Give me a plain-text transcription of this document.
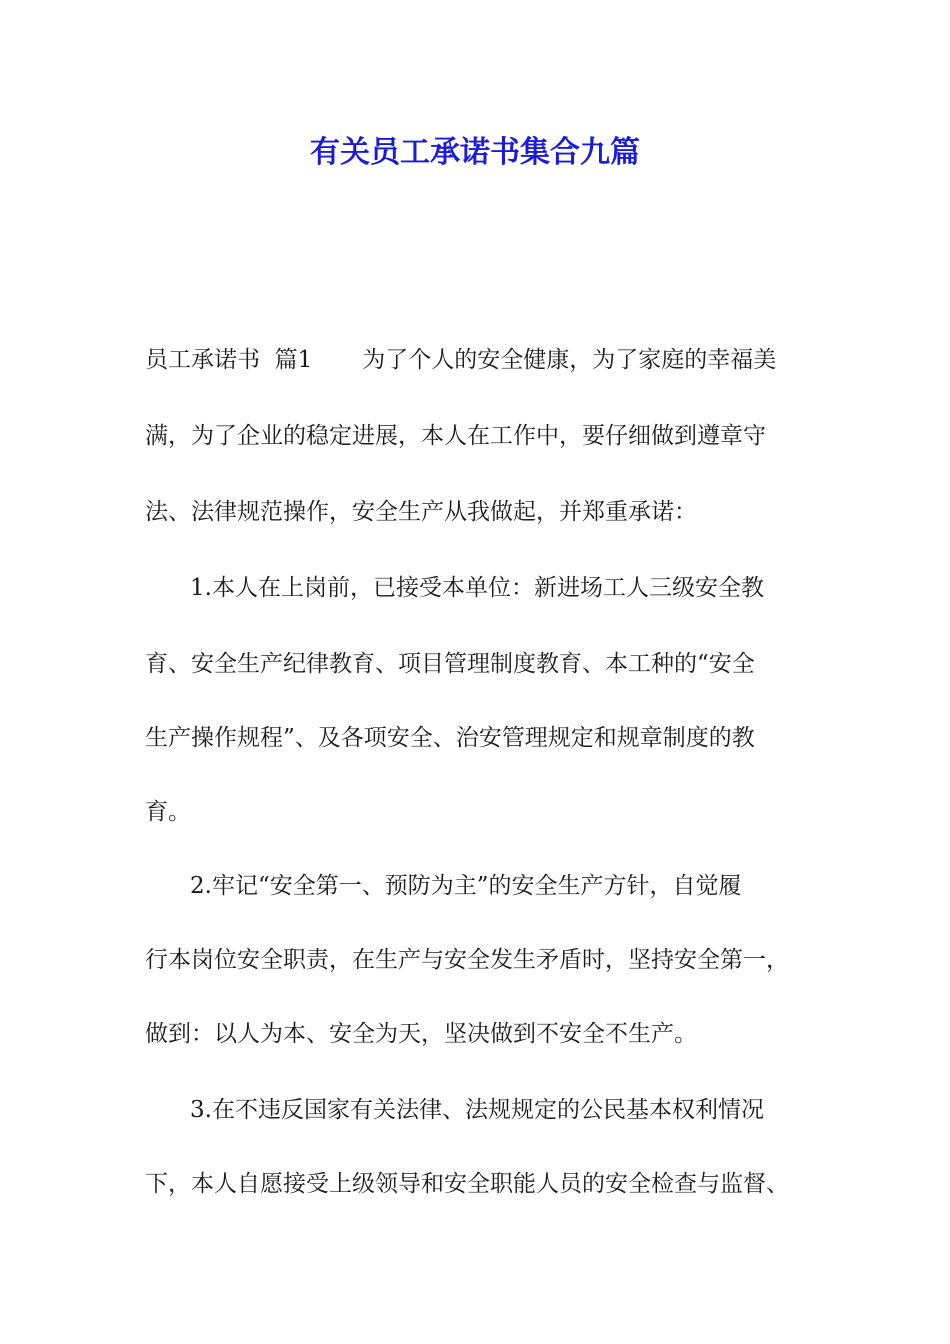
有关员工承诺书集合九篇
员工承诺书  篇1 为了个人的安全健康，为了家庭的幸福美
满，为了企业的稳定进展，本人在工作中，要仔细做到遵章守
法、法律规范操作，安全生产从我做起，并郑重承诺：
1.本人在上岗前，已接受本单位：新进场工人三级安全教
育、安全生产纪律教育、项目管理制度教育、本工种的“安全
生产操作规程”、及各项安全、治安管理规定和规章制度的教
育。
2.牢记“安全第一、预防为主”的安全生产方针，自觉履
行本岗位安全职责，在生产与安全发生矛盾时，坚持安全第一，
做到：以人为本、安全为天，坚决做到不安全不生产。
3.在不违反国家有关法律、法规规定的公民基本权利情况
下，本人自愿接受上级领导和安全职能人员的安全检查与监督、
